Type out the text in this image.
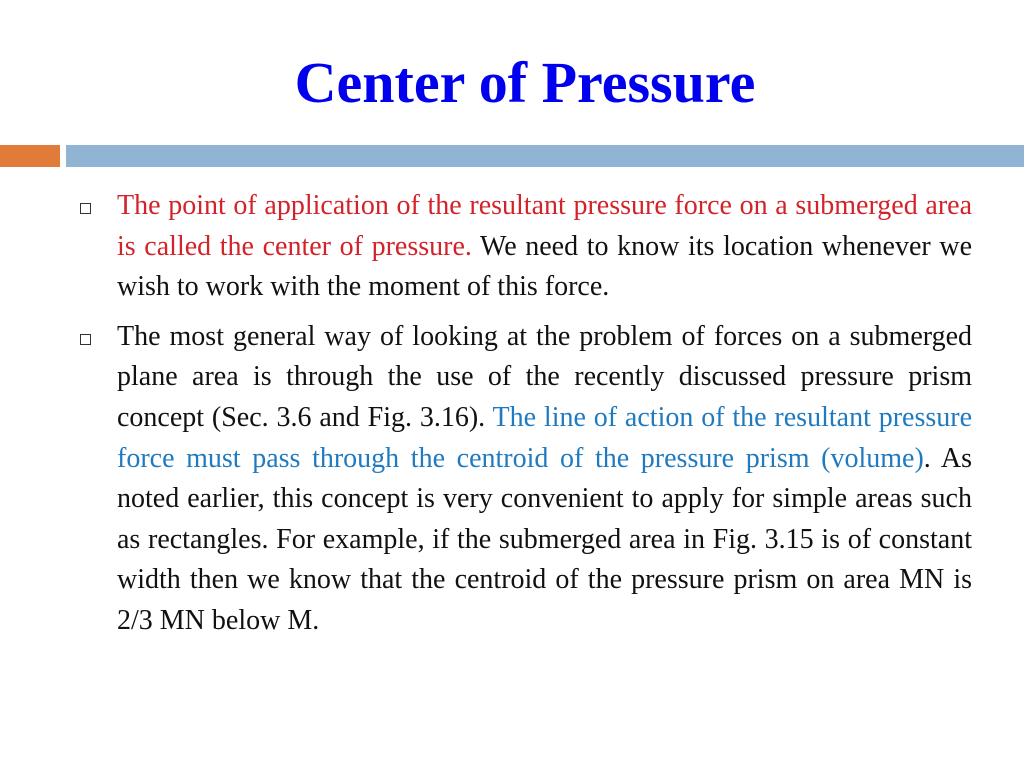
Center of Pressure
The point of application of the resultant pressure force on a submerged area is called the center of pressure. We need to know its location whenever we wish to work with the moment of this force.
The most general way of looking at the problem of forces on a submerged plane area is through the use of the recently discussed pressure prism concept (Sec. 3.6 and Fig. 3.16). The line of action of the resultant pressure force must pass through the centroid of the pressure prism (volume). As noted earlier, this concept is very convenient to apply for simple areas such as rectangles. For example, if the submerged area in Fig. 3.15 is of constant width then we know that the centroid of the pressure prism on area MN is 2/3 MN below M.
